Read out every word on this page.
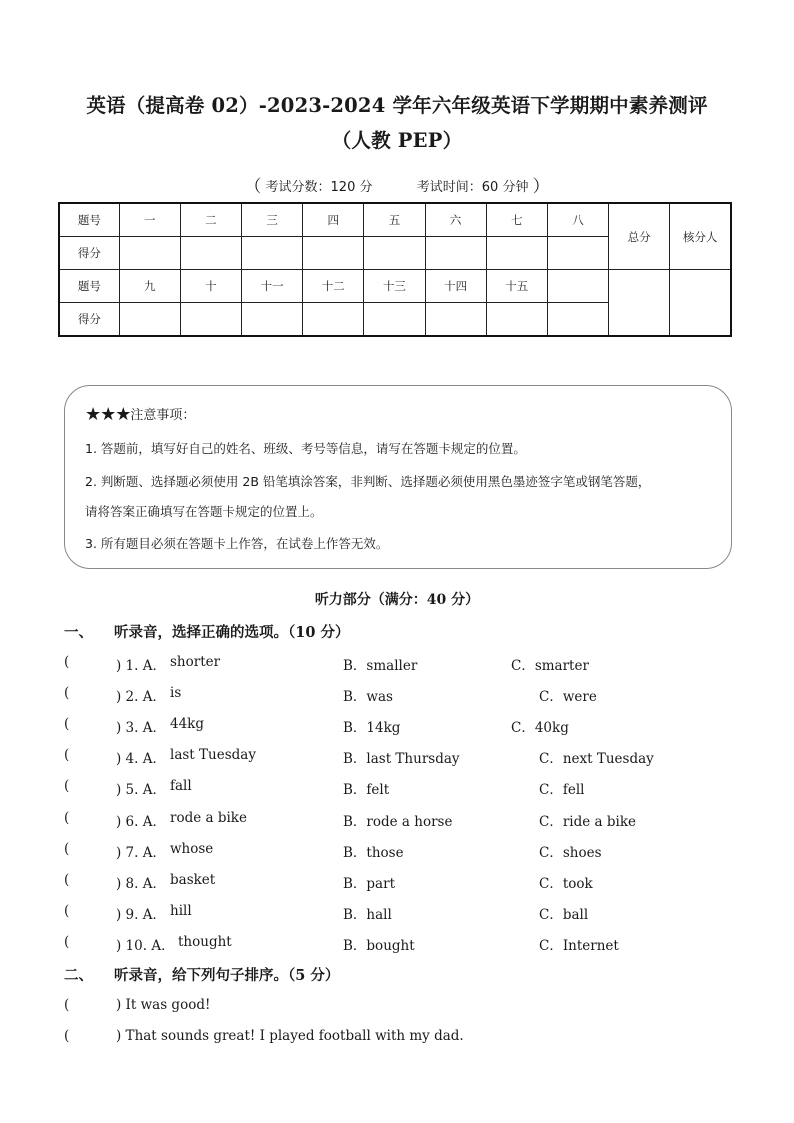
英语（提高卷 02）-2023-2024 学年六年级英语下学期期中素养测评
（人教 PEP）
（ 考试分数：120 分	考试时间：60 分钟 ）
题号	一	二	三	四	五	六	七	八	总分	核分人
得分										
题号	九	十	十一	十二	十三	十四	十五			
得分										
★★★注意事项：
1. 答题前，填写好自己的姓名、班级、考号等信息，请写在答题卡规定的位置。
2. 判断题、选择题必须使用 2B 铅笔填涂答案，非判断、选择题必须使用黑色墨迹签字笔或钢笔答题，
请将答案正确填写在答题卡规定的位置上。
3. 所有题目必须在答题卡上作答，在试卷上作答无效。
听力部分（满分：40 分）
一、 听录音，选择正确的选项。（10 分）
(	) 1. A． shorter	B．smaller	C．smarter
(	) 2. A． is	B．was	C．were
(	) 3. A． 44kg	B．14kg	C．40kg
(	) 4. A． last Tuesday	B．last Thursday	C．next Tuesday
(	) 5. A． fall	B．felt	C．fell
(	) 6. A． rode a bike	B．rode a horse	C．ride a bike
(	) 7. A． whose	B．those	C．shoes
(	) 8. A． basket	B．part	C．took
(	) 9. A． hill	B．hall	C．ball
(	) 10. A． thought	B．bought	C．Internet
二、 听录音，给下列句子排序。（5 分）
(	) It was good!
(	) That sounds great! I played football with my dad.
